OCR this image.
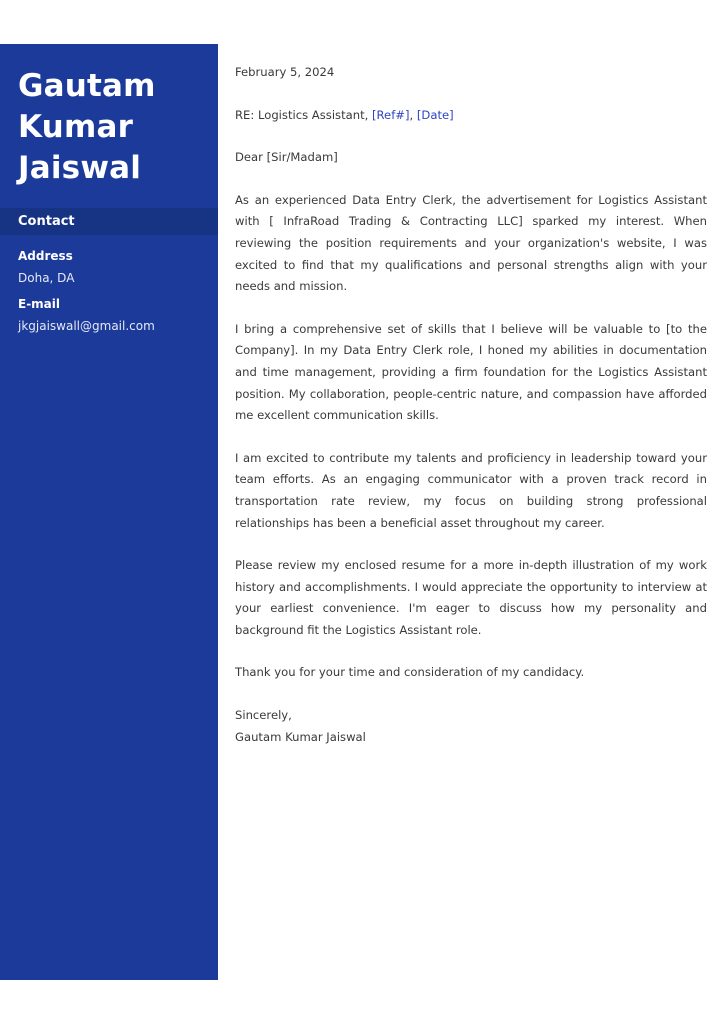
Gautam
Kumar
Jaiswal
Contact
Address
Doha, DA
E-mail
jkgjaiswall@gmail.com
February 5, 2024
RE: Logistics Assistant, [Ref#], [Date]
Dear [Sir/Madam]

As an experienced Data Entry Clerk, the advertisement for Logistics Assistant with [ InfraRoad Trading & Contracting LLC] sparked my interest. When reviewing the position requirements and your organization's website, I was excited to find that my qualifications and personal strengths align with your needs and mission.

I bring a comprehensive set of skills that I believe will be valuable to [to the Company]. In my Data Entry Clerk role, I honed my abilities in documentation and time management, providing a firm foundation for the Logistics Assistant position. My collaboration, people-centric nature, and compassion have afforded me excellent communication skills.

I am excited to contribute my talents and proficiency in leadership toward your team efforts. As an engaging communicator with a proven track record in transportation rate review, my focus on building strong professional relationships has been a beneficial asset throughout my career.

Please review my enclosed resume for a more in-depth illustration of my work history and accomplishments. I would appreciate the opportunity to interview at your earliest convenience. I'm eager to discuss how my personality and background fit the Logistics Assistant role.

Thank you for your time and consideration of my candidacy.

Sincerely,
Gautam Kumar Jaiswal
